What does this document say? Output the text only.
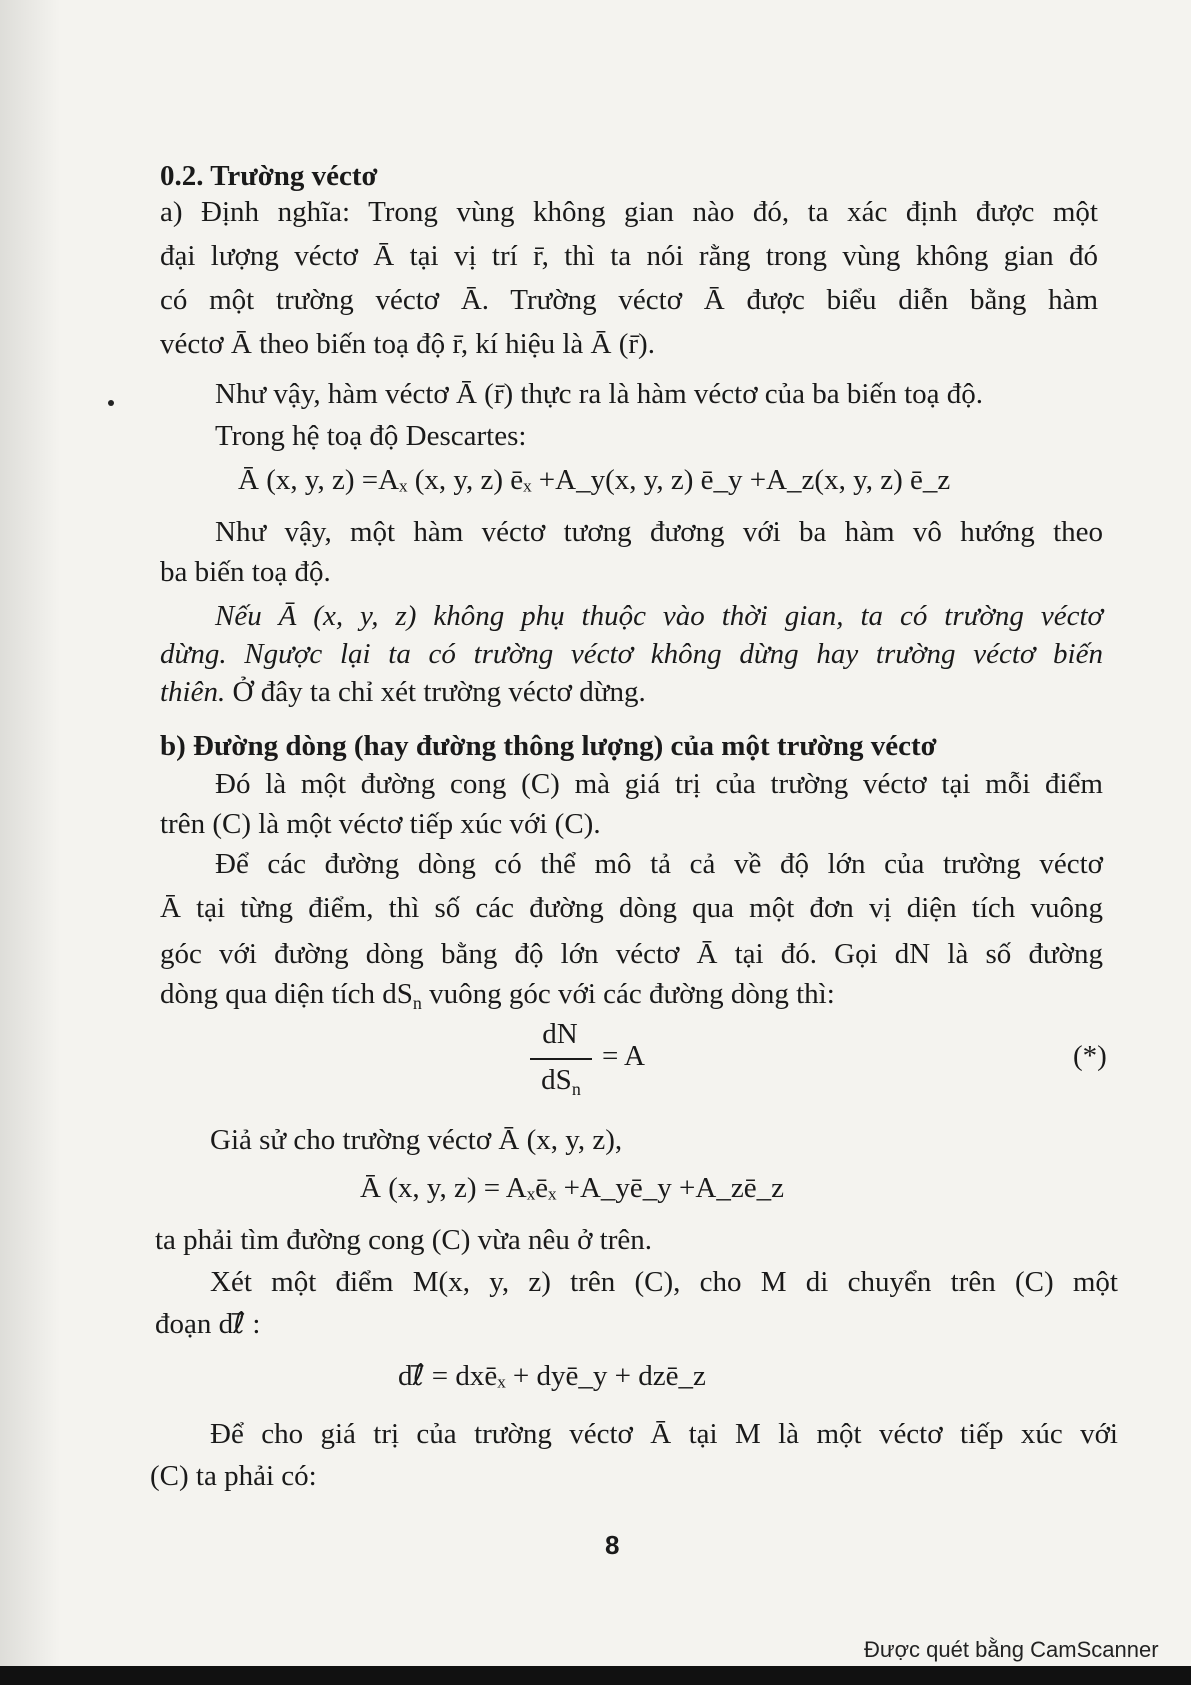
0.2. Trường véctơ
a) Định nghĩa: Trong vùng không gian nào đó, ta xác định được một
đại lượng véctơ Ā tại vị trí r̄, thì ta nói rằng trong vùng không gian đó
có một trường véctơ Ā. Trường véctơ Ā được biểu diễn bằng hàm
véctơ Ā theo biến toạ độ r̄, kí hiệu là Ā (r̄).
Như vậy, hàm véctơ Ā (r̄) thực ra là hàm véctơ của ba biến toạ độ.
Trong hệ toạ độ Descartes:
Ā (x, y, z) =Aₓ (x, y, z) ēₓ +A_y(x, y, z) ē_y +A_z(x, y, z) ē_z
Như vậy, một hàm véctơ tương đương với ba hàm vô hướng theo
ba biến toạ độ.
Nếu Ā (x, y, z) không phụ thuộc vào thời gian, ta có trường véctơ
dừng. Ngược lại ta có trường véctơ không dừng hay trường véctơ biến
thiên. Ở đây ta chỉ xét trường véctơ dừng.
b) Đường dòng (hay đường thông lượng) của một trường véctơ
Đó là một đường cong (C) mà giá trị của trường véctơ tại mỗi điểm
trên (C) là một véctơ tiếp xúc với (C).
Để các đường dòng có thể mô tả cả về độ lớn của trường véctơ
Ā tại từng điểm, thì số các đường dòng qua một đơn vị diện tích vuông
góc với đường dòng bằng độ lớn véctơ Ā tại đó. Gọi dN là số đường
dòng qua diện tích $dS_n$ vuông góc với các đường dòng thì:
dN
$dS_n$
= A	(*)
Giả sử cho trường véctơ Ā (x, y, z),
Ā (x, y, z) = Aₓēₓ +A_yē_y +A_zē_z
ta phải tìm đường cong (C) vừa nêu ở trên.
Xét một điểm M(x, y, z) trên (C), cho M di chuyển trên (C) một
đoạn dℓ⃗ :
dℓ⃗ = dxēₓ + dyē_y + dzē_z
Để cho giá trị của trường véctơ Ā tại M là một véctơ tiếp xúc với
(C) ta phải có:
8
Được quét bằng CamScanner
